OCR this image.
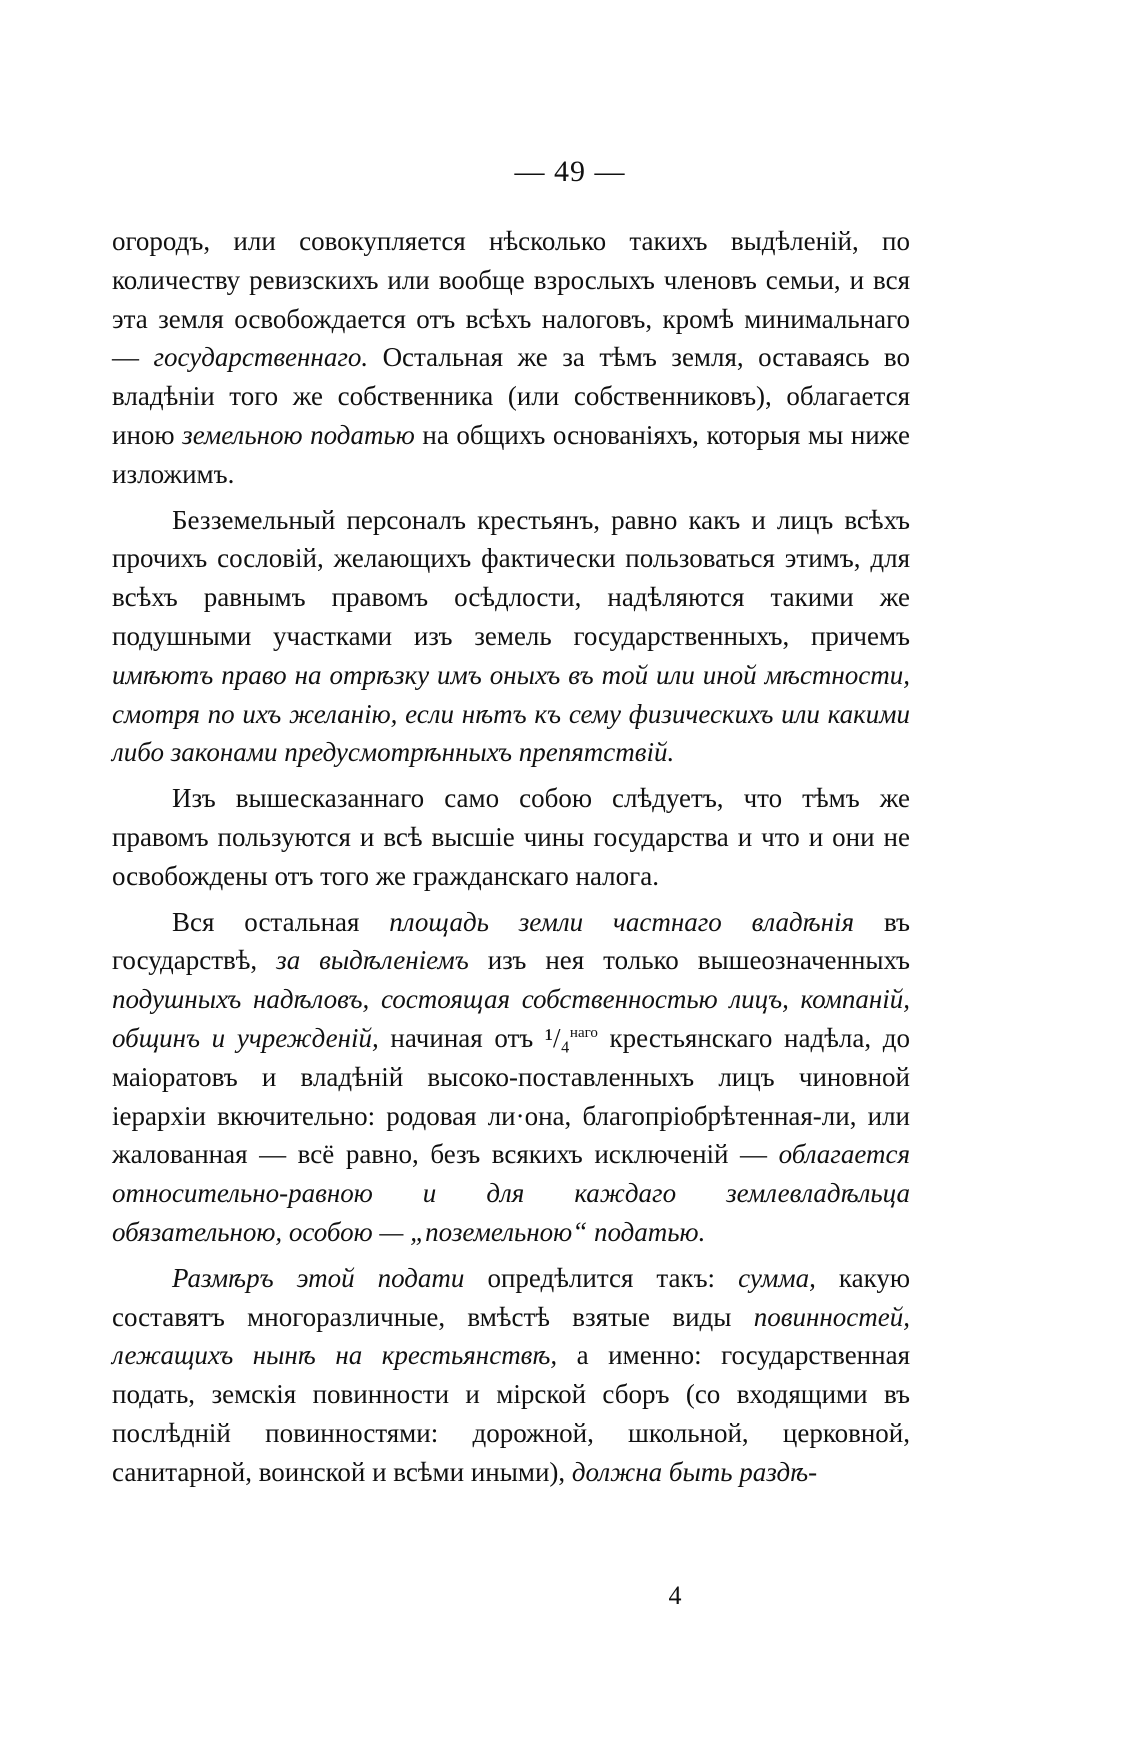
— 49 —

огородъ, или совокупляется нѣсколько такихъ выдѣленій, по количеству ревизскихъ или вообще взрослыхъ членовъ семьи, и вся эта земля освобождается отъ всѣхъ налоговъ, кромѣ минимальнаго — государственнаго. Остальная же за тѣмъ земля, оставаясь во владѣніи того же собственника (или собственниковъ), облагается иною земельною податью на общихъ основаніяхъ, которыя мы ниже изложимъ.

Безземельный персоналъ крестьянъ, равно какъ и лицъ всѣхъ прочихъ сословій, желающихъ фактически пользоваться этимъ, для всѣхъ равнымъ правомъ осѣдлости, надѣляются такими же подушными участками изъ земель государственныхъ, причемъ имѣютъ право на отрѣзку имъ оныхъ въ той или иной мѣстности, смотря по ихъ желанію, если нѣтъ къ сему физическихъ или какими либо законами предусмотрѣнныхъ препятствій.

Изъ вышесказаннаго само собою слѣдуетъ, что тѣмъ же правомъ пользуются и всѣ высшіе чины государства и что и они не освобождены отъ того же гражданскаго налога.

Вся остальная площадь земли частнаго владѣнія въ государствѣ, за выдѣленіемъ изъ нея только вышеозначенныхъ подушныхъ надѣловъ, состоящая собственностью лицъ, компаній, общинъ и учрежденій, начиная отъ ¹/₄$^{наго}$ крестьянскаго надѣла, до маіоратовъ и владѣній высоко-поставленныхъ лицъ чиновной іерархіи вкючительно: родовая ли·она, благопріобрѣтенная-ли, или жалованная — всё равно, безъ всякихъ исключеній — облагается относительно-равною и для каждаго землевладѣльца обязательною, особою — „поземельною“ податью.

Размѣръ этой подати опредѣлится такъ: сумма, какую составятъ многоразличные, вмѣстѣ взятые виды повинностей, лежащихъ нынѣ на крестьянствѣ, а именно: государственная подать, земскія повинности и мірской сборъ (со входящими въ послѣдній повинностями: дорожной, школьной, церковной, санитарной, воинской и всѣми иными), должна быть раздѣ-

4
